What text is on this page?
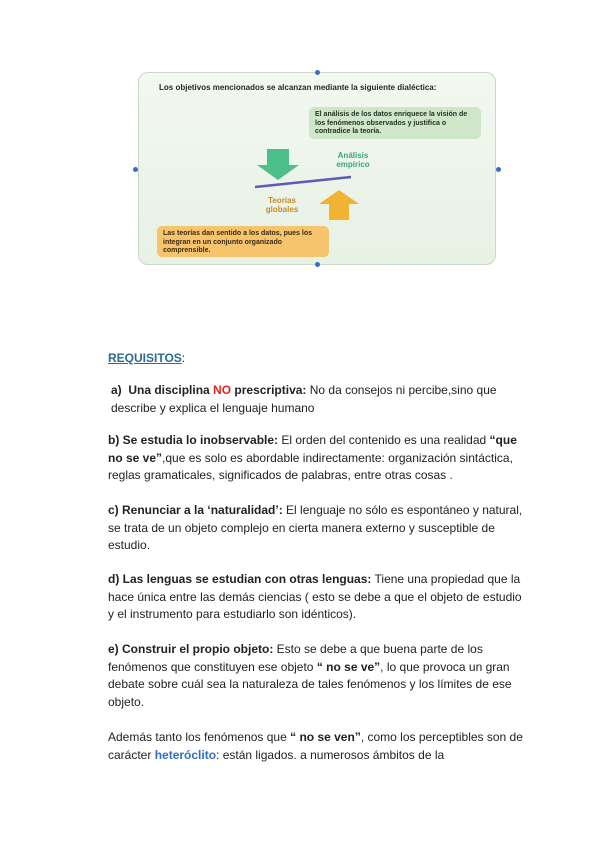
Los objetivos mencionados se alcanzan mediante la siguiente dialéctica:
El análisis de los datos enriquece la visión de los fenómenos observados y justifica o contradice la teoría.
Análisis empírico
Teorías globales
Las teorías dan sentido a los datos, pues los integran en un conjunto organizado comprensible.
REQUISITOS:
a) Una disciplina NO prescriptiva: No da consejos ni percibe,sino que describe y explica el lenguaje humano
b) Se estudia lo inobservable: El orden del contenido es una realidad “que no se ve”,que es solo es abordable indirectamente: organización sintáctica, reglas gramaticales, significados de palabras, entre otras cosas .
c) Renunciar a la ‘naturalidad’: El lenguaje no sólo es espontáneo y natural, se trata de un objeto complejo en cierta manera externo y susceptible de estudio.
d) Las lenguas se estudian con otras lenguas: Tiene una propiedad que la hace única entre las demás ciencias ( esto se debe a que el objeto de estudio y el instrumento para estudiarlo son idénticos).
e) Construir el propio objeto: Esto se debe a que buena parte de los fenómenos que constituyen ese objeto “ no se ve”, lo que provoca un gran debate sobre cuál sea la naturaleza de tales fenómenos y los límites de ese objeto.
Además tanto los fenómenos que “ no se ven”, como los perceptibles son de carácter heteróclito: están ligados. a numerosos ámbitos de la
